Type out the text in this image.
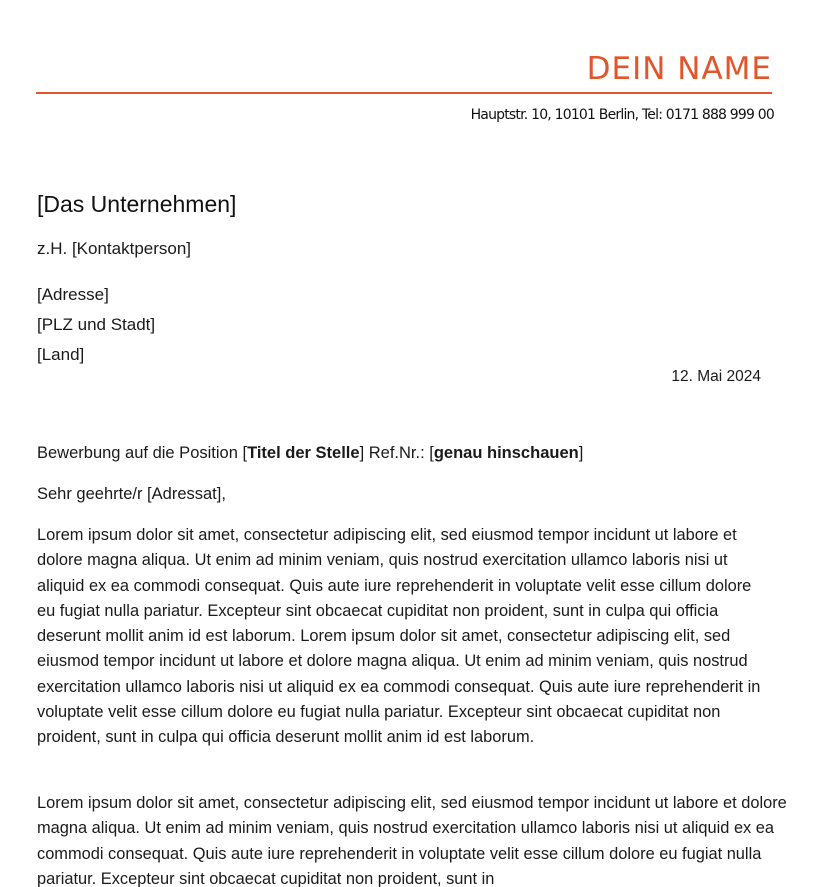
DEIN NAME
Hauptstr. 10, 10101 Berlin, Tel: 0171 888 999 00
[Das Unternehmen]
z.H. [Kontaktperson]
[Adresse]
[PLZ und Stadt]
[Land]
12. Mai 2024
Bewerbung auf die Position [Titel der Stelle] Ref.Nr.: [genau hinschauen]
Sehr geehrte/r [Adressat],

Lorem ipsum dolor sit amet, consectetur adipiscing elit, sed eiusmod tempor incidunt ut labore et dolore magna aliqua. Ut enim ad minim veniam, quis nostrud exercitation ullamco laboris nisi ut aliquid ex ea commodi consequat. Quis aute iure reprehenderit in voluptate velit esse cillum dolore eu fugiat nulla pariatur. Excepteur sint obcaecat cupiditat non proident, sunt in culpa qui officia deserunt mollit anim id est laborum. Lorem ipsum dolor sit amet, consectetur adipiscing elit, sed eiusmod tempor incidunt ut labore et dolore magna aliqua. Ut enim ad minim veniam, quis nostrud exercitation ullamco laboris nisi ut aliquid ex ea commodi consequat. Quis aute iure reprehenderit in voluptate velit esse cillum dolore eu fugiat nulla pariatur. Excepteur sint obcaecat cupiditat non proident, sunt in culpa qui officia deserunt mollit anim id est laborum.

Lorem ipsum dolor sit amet, consectetur adipiscing elit, sed eiusmod tempor incidunt ut labore et dolore magna aliqua. Ut enim ad minim veniam, quis nostrud exercitation ullamco laboris nisi ut aliquid ex ea commodi consequat. Quis aute iure reprehenderit in voluptate velit esse cillum dolore eu fugiat nulla pariatur. Excepteur sint obcaecat cupiditat non proident, sunt in
